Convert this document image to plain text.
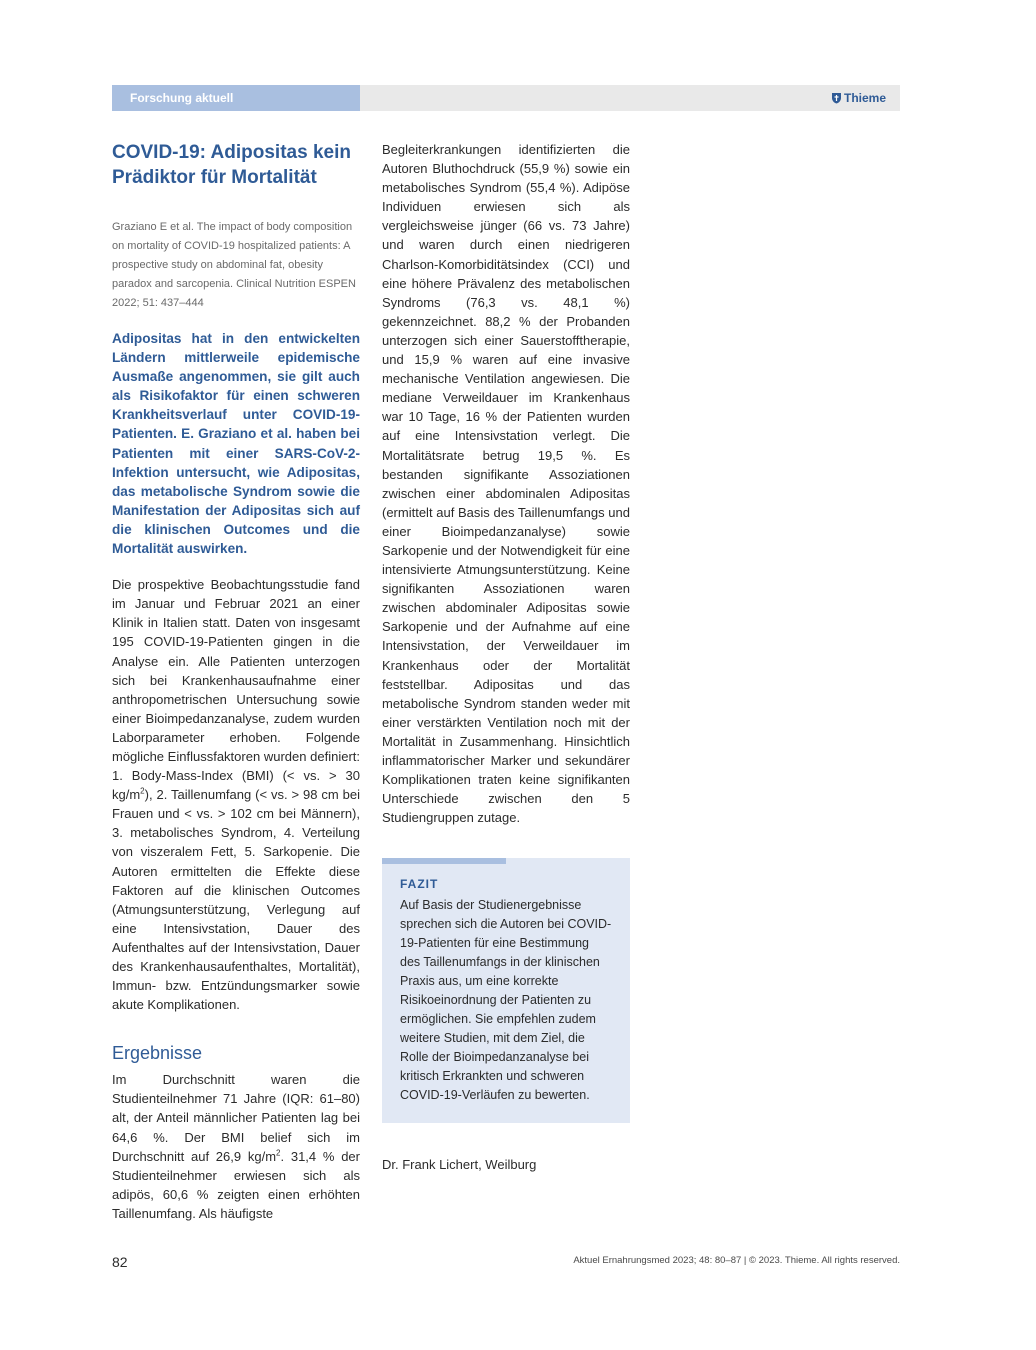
Forschung aktuell	Thieme
COVID-19: Adipositas kein Prädiktor für Mortalität
Graziano E et al. The impact of body composition on mortality of COVID-19 hospitalized patients: A prospective study on abdominal fat, obesity paradox and sarcopenia. Clinical Nutrition ESPEN 2022; 51: 437–444
Adipositas hat in den entwickelten Ländern mittlerweile epidemische Ausmaße angenommen, sie gilt auch als Risikofaktor für einen schweren Krankheitsverlauf unter COVID-19-Patienten. E. Graziano et al. haben bei Patienten mit einer SARS-CoV-2-Infektion untersucht, wie Adipositas, das metabolische Syndrom sowie die Manifestation der Adipositas sich auf die klinischen Outcomes und die Mortalität auswirken.

Die prospektive Beobachtungsstudie fand im Januar und Februar 2021 an einer Klinik in Italien statt. Daten von insgesamt 195 COVID-19-Patienten gingen in die Analyse ein. Alle Patienten unterzogen sich bei Krankenhausaufnahme einer anthropometrischen Untersuchung sowie einer Bioimpedanzanalyse, zudem wurden Laborparameter erhoben. Folgende mögliche Einflussfaktoren wurden definiert: 1. Body-Mass-Index (BMI) (< vs. > 30 $kg/m^2$), 2. Taillenumfang (< vs. > 98 cm bei Frauen und < vs. > 102 cm bei Männern), 3. metabolisches Syndrom, 4. Verteilung von viszeralem Fett, 5. Sarkopenie. Die Autoren ermittelten die Effekte diese Faktoren auf die klinischen Outcomes (Atmungsunterstützung, Verlegung auf eine Intensivstation, Dauer des Aufenthaltes auf der Intensivstation, Dauer des Krankenhausaufenthaltes, Mortalität), Immun- bzw. Entzündungsmarker sowie akute Komplikationen.

Ergebnisse

Im Durchschnitt waren die Studienteilnehmer 71 Jahre (IQR: 61–80) alt, der Anteil männlicher Patienten lag bei 64,6 %. Der BMI belief sich im Durchschnitt auf 26,9 $kg/m^2$. 31,4 % der Studienteilnehmer erwiesen sich als adipös, 60,6 % zeigten einen erhöhten Taillenumfang. Als häufigste

Begleiterkrankungen identifizierten die Autoren Bluthochdruck (55,9 %) sowie ein metabolisches Syndrom (55,4 %). Adipöse Individuen erwiesen sich als vergleichsweise jünger (66 vs. 73 Jahre) und waren durch einen niedrigeren Charlson-Komorbiditätsindex (CCI) und eine höhere Prävalenz des metabolischen Syndroms (76,3 vs. 48,1 %) gekennzeichnet. 88,2 % der Probanden unterzogen sich einer Sauerstofftherapie, und 15,9 % waren auf eine invasive mechanische Ventilation angewiesen. Die mediane Verweildauer im Krankenhaus war 10 Tage, 16 % der Patienten wurden auf eine Intensivstation verlegt. Die Mortalitätsrate betrug 19,5 %. Es bestanden signifikante Assoziationen zwischen einer abdominalen Adipositas (ermittelt auf Basis des Taillenumfangs und einer Bioimpedanzanalyse) sowie Sarkopenie und der Notwendigkeit für eine intensivierte Atmungsunterstützung. Keine signifikanten Assoziationen waren zwischen abdominaler Adipositas sowie Sarkopenie und der Aufnahme auf eine Intensivstation, der Verweildauer im Krankenhaus oder der Mortalität feststellbar. Adipositas und das metabolische Syndrom standen weder mit einer verstärkten Ventilation noch mit der Mortalität in Zusammenhang. Hinsichtlich inflammatorischer Marker und sekundärer Komplikationen traten keine signifikanten Unterschiede zwischen den 5 Studiengruppen zutage.

FAZIT
Auf Basis der Studienergebnisse sprechen sich die Autoren bei COVID-19-Patienten für eine Bestimmung des Taillenumfangs in der klinischen Praxis aus, um eine korrekte Risikoeinordnung der Patienten zu ermöglichen. Sie empfehlen zudem weitere Studien, mit dem Ziel, die Rolle der Bioimpedanzanalyse bei kritisch Erkrankten und schweren COVID-19-Verläufen zu bewerten.
Dr. Frank Lichert, Weilburg
82	Aktuel Ernahrungsmed 2023; 48: 80–87 | © 2023. Thieme. All rights reserved.
